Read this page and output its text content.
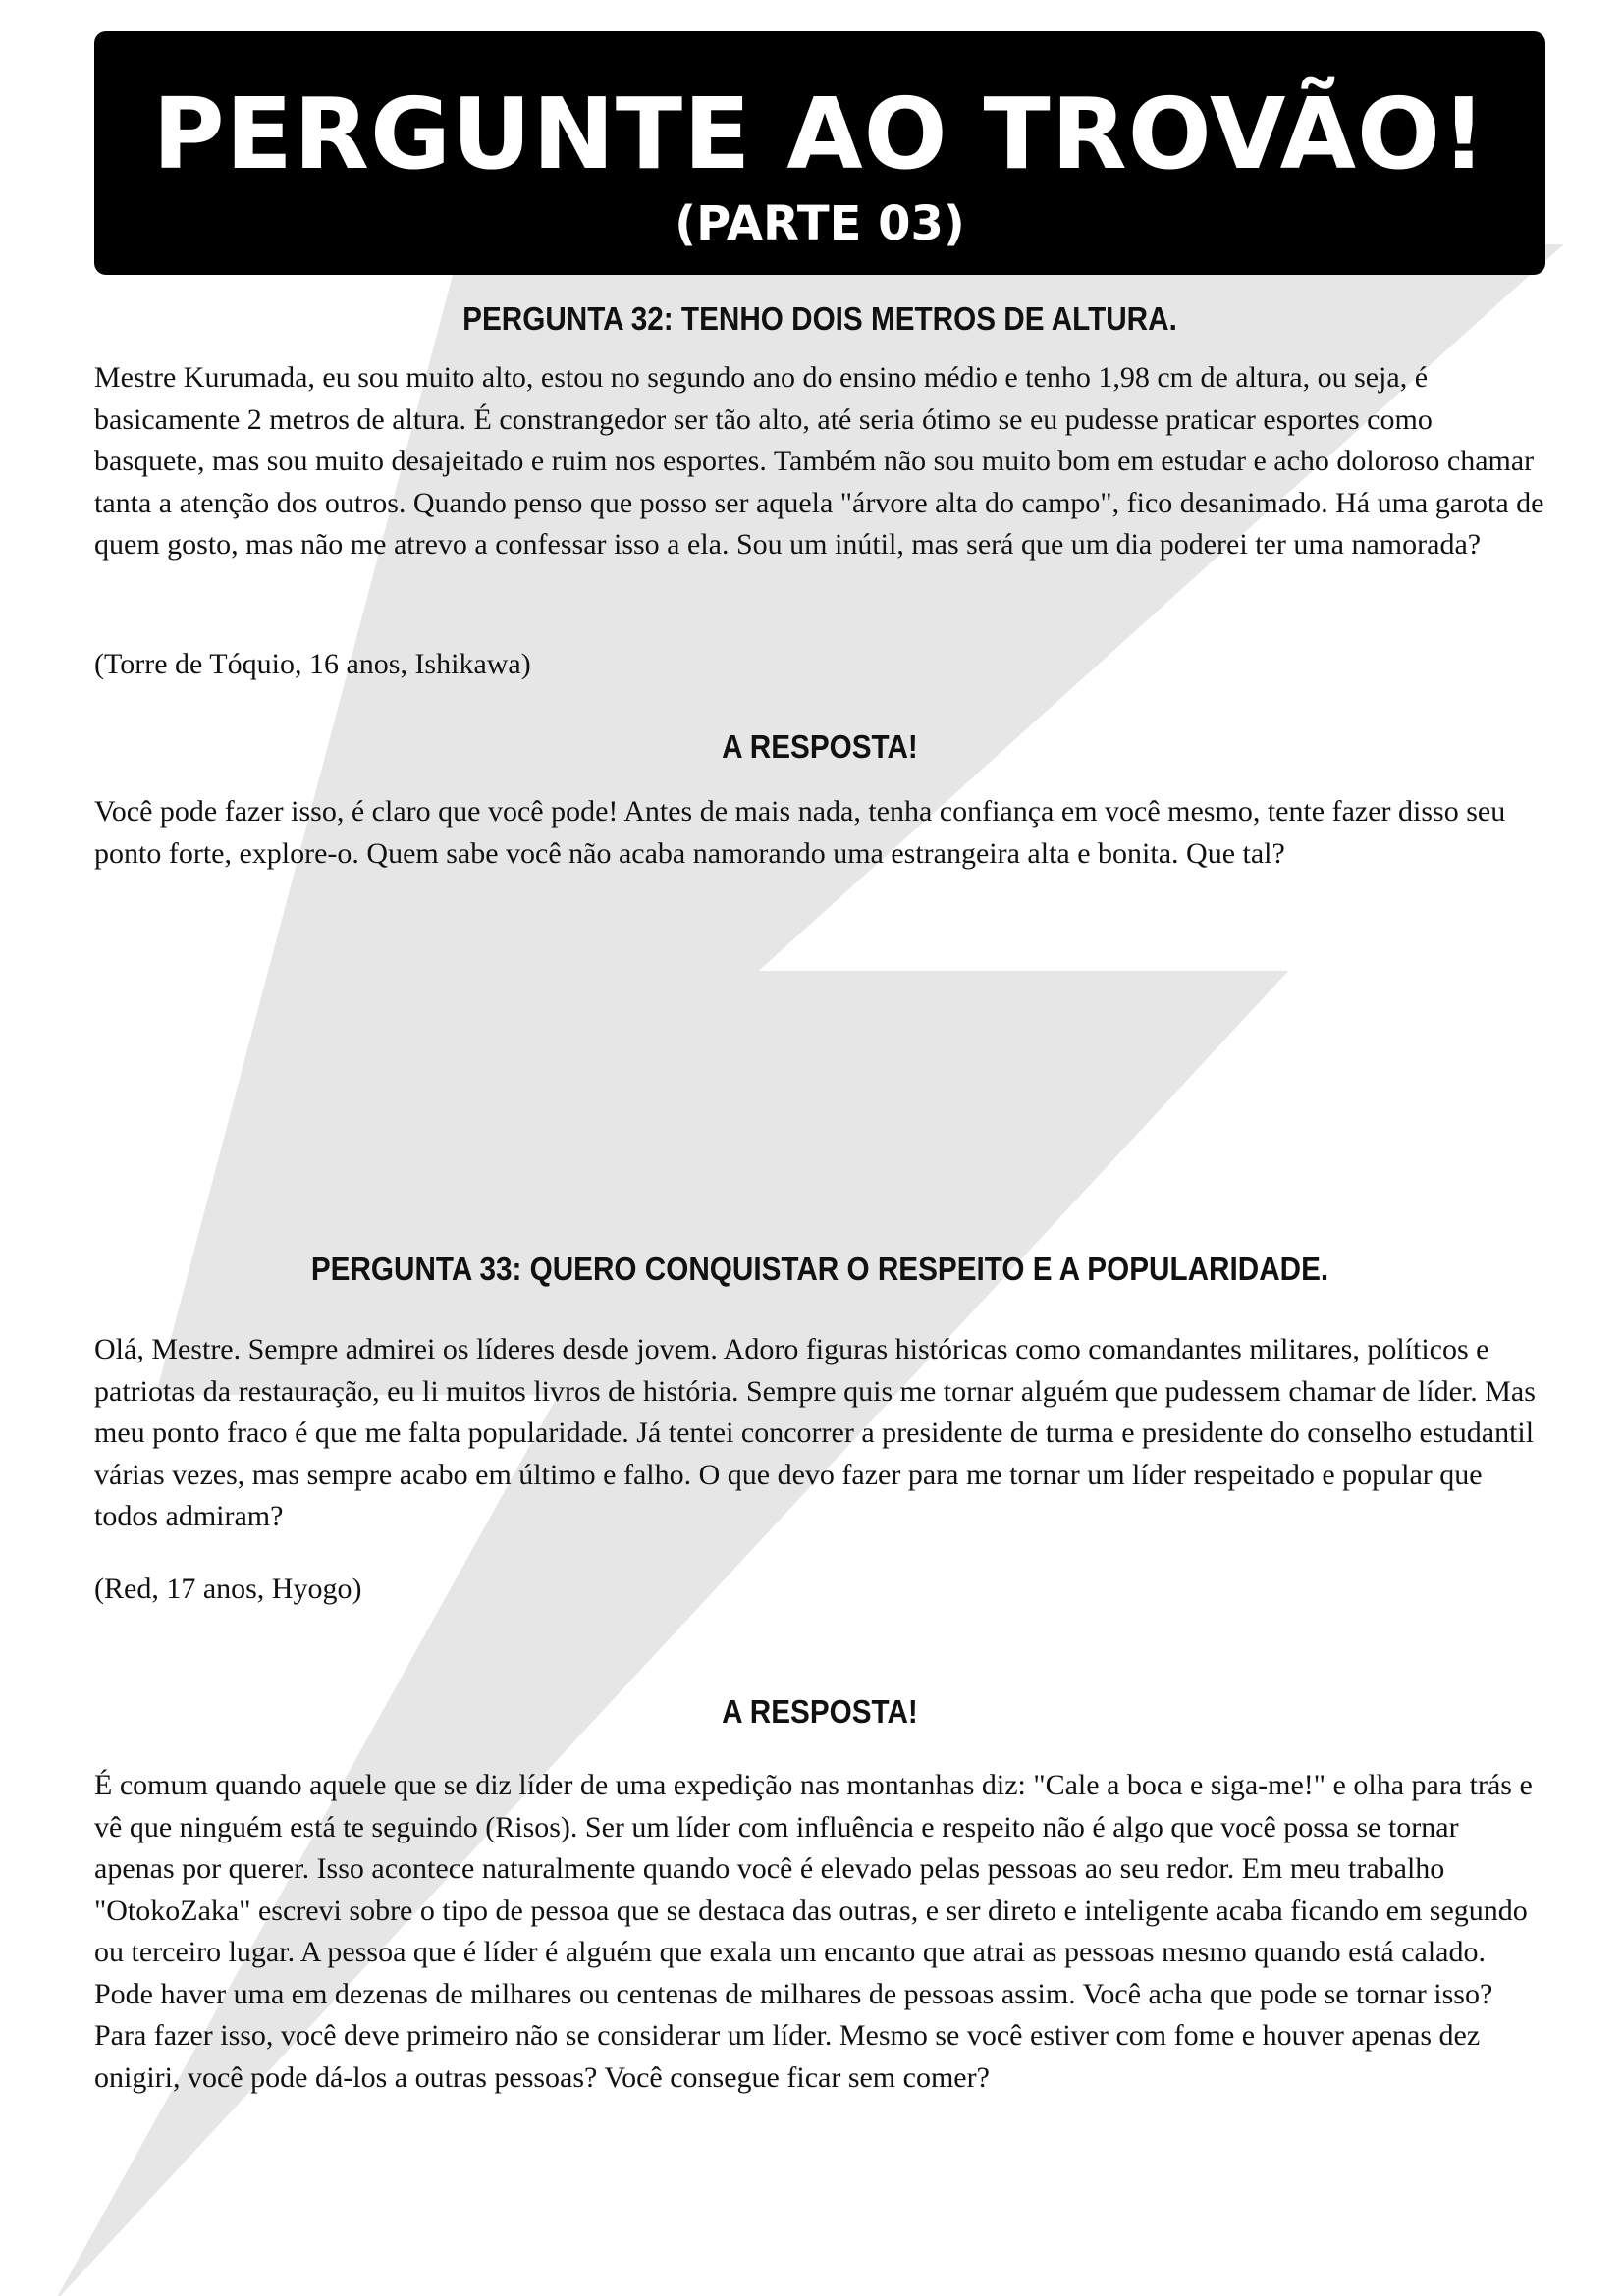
PERGUNTE AO TROVÃO!
(PARTE 03)
PERGUNTA 32: TENHO DOIS METROS DE ALTURA.

Mestre Kurumada, eu sou muito alto, estou no segundo ano do ensino médio e tenho 1,98 cm de altura, ou seja, é basicamente 2 metros de altura. É constrangedor ser tão alto, até seria ótimo se eu pudesse praticar esportes como basquete, mas sou muito desajeitado e ruim nos esportes. Também não sou muito bom em estudar e acho doloroso chamar tanta a atenção dos outros. Quando penso que posso ser aquela "árvore alta do campo", fico desanimado. Há uma garota de quem gosto, mas não me atrevo a confessar isso a ela. Sou um inútil, mas será que um dia poderei ter uma namorada?

(Torre de Tóquio, 16 anos, Ishikawa)

A RESPOSTA!

Você pode fazer isso, é claro que você pode! Antes de mais nada, tenha confiança em você mesmo, tente fazer disso seu ponto forte, explore-o. Quem sabe você não acaba namorando uma estrangeira alta e bonita. Que tal?

PERGUNTA 33: QUERO CONQUISTAR O RESPEITO E A POPULARIDADE.

Olá, Mestre. Sempre admirei os líderes desde jovem. Adoro figuras históricas como comandantes militares, políticos e patriotas da restauração, eu li muitos livros de história. Sempre quis me tornar alguém que pudessem chamar de líder. Mas meu ponto fraco é que me falta popularidade. Já tentei concorrer a presidente de turma e presidente do conselho estudantil várias vezes, mas sempre acabo em último e falho. O que devo fazer para me tornar um líder respeitado e popular que todos admiram?

(Red, 17 anos, Hyogo)

A RESPOSTA!

É comum quando aquele que se diz líder de uma expedição nas montanhas diz: "Cale a boca e siga-me!" e olha para trás e vê que ninguém está te seguindo (Risos). Ser um líder com influência e respeito não é algo que você possa se tornar apenas por querer. Isso acontece naturalmente quando você é elevado pelas pessoas ao seu redor. Em meu trabalho "OtokoZaka" escrevi sobre o tipo de pessoa que se destaca das outras, e ser direto e inteligente acaba ficando em segundo ou terceiro lugar. A pessoa que é líder é alguém que exala um encanto que atrai as pessoas mesmo quando está calado. Pode haver uma em dezenas de milhares ou centenas de milhares de pessoas assim. Você acha que pode se tornar isso? Para fazer isso, você deve primeiro não se considerar um líder. Mesmo se você estiver com fome e houver apenas dez onigiri, você pode dá-los a outras pessoas? Você consegue ficar sem comer?
